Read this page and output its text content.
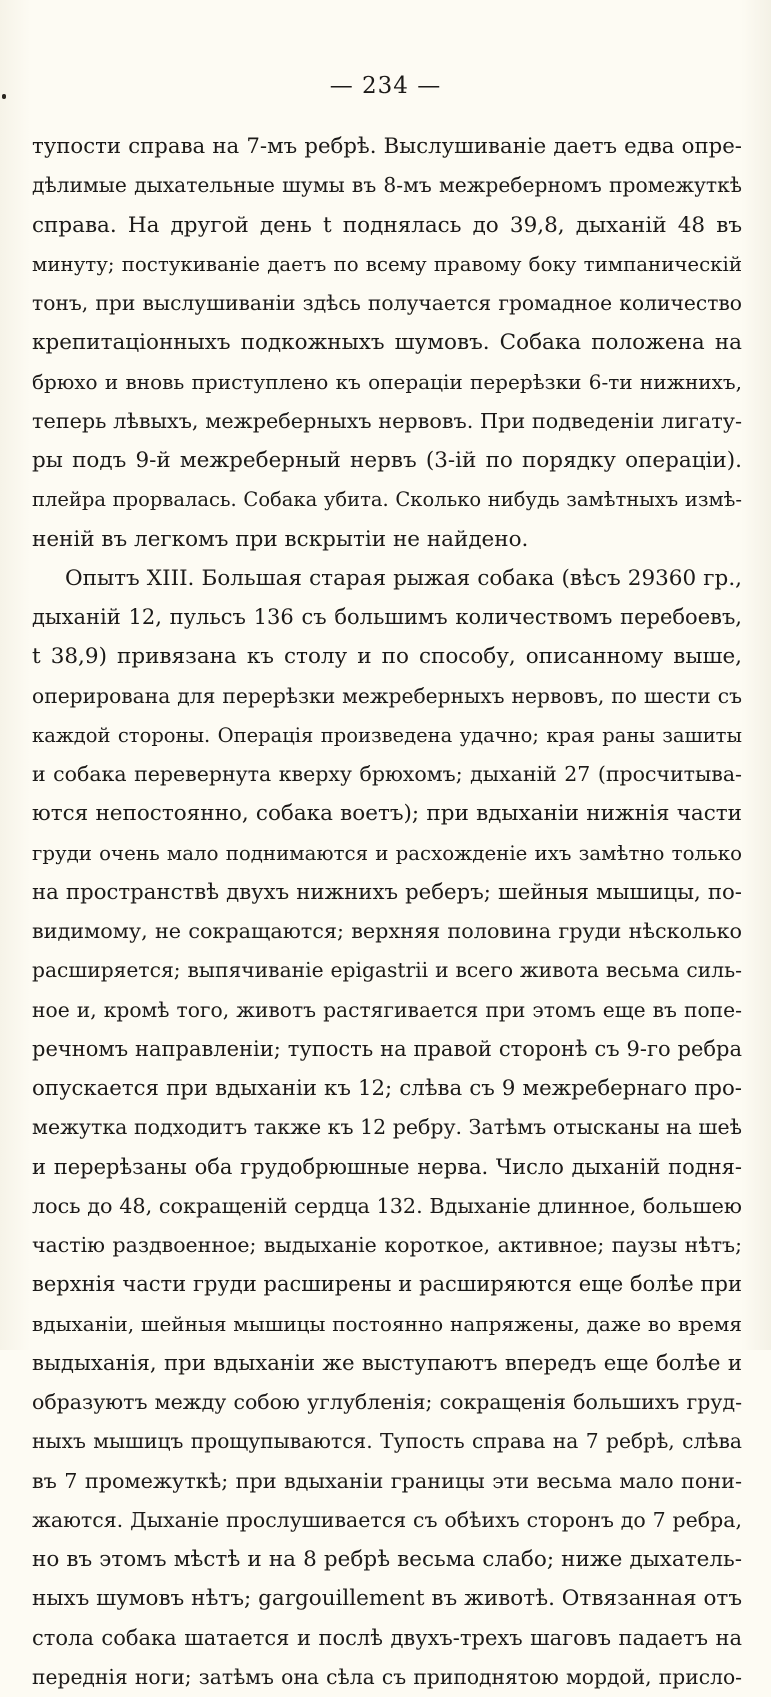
— 234 —
тупости справа на 7-мъ ребрѣ. Выслушиванiе даетъ едва опре-
дѣлимые дыхательные шумы въ 8-мъ межреберномъ промежуткѣ
справа. На другой день t поднялась до 39,8, дыханiй 48 въ
минуту; постукиванiе даетъ по всему правому боку тимпаническiй
тонъ, при выслушиванiи здѣсь получается громадное количество
крепитацiонныхъ подкожныхъ шумовъ. Собака положена на
брюхо и вновь приступлено къ операцiи перерѣзки 6-ти нижнихъ,
теперь лѣвыхъ, межреберныхъ нервовъ. При подведенiи лигату-
ры подъ 9-й межреберный нервъ (3-iй по порядку операцiи).
плейра прорвалась. Собака убита. Сколько нибудь замѣтныхъ измѣ-
ненiй въ легкомъ при вскрытiи не найдено.
Опытъ XIII. Большая старая рыжая собака (вѣсъ 29360 гр.,
дыханiй 12, пульсъ 136 съ большимъ количествомъ перебоевъ,
t 38,9) привязана къ столу и по способу, описанному выше,
оперирована для перерѣзки межреберныхъ нервовъ, по шести съ
каждой стороны. Операцiя произведена удачно; края раны зашиты
и собака перевернута кверху брюхомъ; дыханiй 27 (просчитыва-
ются непостоянно, собака воетъ); при вдыханiи нижнiя части
груди очень мало поднимаются и расхожденiе ихъ замѣтно только
на пространствѣ двухъ нижнихъ реберъ; шейныя мышицы, по-
видимому, не сокращаются; верхняя половина груди нѣсколько
расширяется; выпячиванiе epigastrii и всего живота весьма силь-
ное и, кромѣ того, животъ растягивается при этомъ еще въ попе-
речномъ направленiи; тупость на правой сторонѣ съ 9-го ребра
опускается при вдыханiи къ 12; слѣва съ 9 межребернаго про-
межутка подходитъ также къ 12 ребру. Затѣмъ отысканы на шеѣ
и перерѣзаны оба грудобрюшные нерва. Число дыханiй подня-
лось до 48, сокращенiй сердца 132. Вдыханiе длинное, большею
частiю раздвоенное; выдыханiе короткое, активное; паузы нѣтъ;
верхнiя части груди расширены и расширяются еще болѣе при
вдыханiи, шейныя мышицы постоянно напряжены, даже во время
выдыханiя, при вдыханiи же выступаютъ впередъ еще болѣе и
образуютъ между собою углубленiя; сокращенiя большихъ груд-
ныхъ мышицъ прощупываются. Тупость справа на 7 ребрѣ, слѣва
въ 7 промежуткѣ; при вдыханiи границы эти весьма мало пони-
жаются. Дыханiе прослушивается съ обѣихъ сторонъ до 7 ребра,
но въ этомъ мѣстѣ и на 8 ребрѣ весьма слабо; ниже дыхатель-
ныхъ шумовъ нѣтъ; gargouillement въ животѣ. Отвязанная отъ
стола собака шатается и послѣ двухъ-трехъ шаговъ падаетъ на
переднiя ноги; затѣмъ она сѣла съ приподнятою мордой, присло-
